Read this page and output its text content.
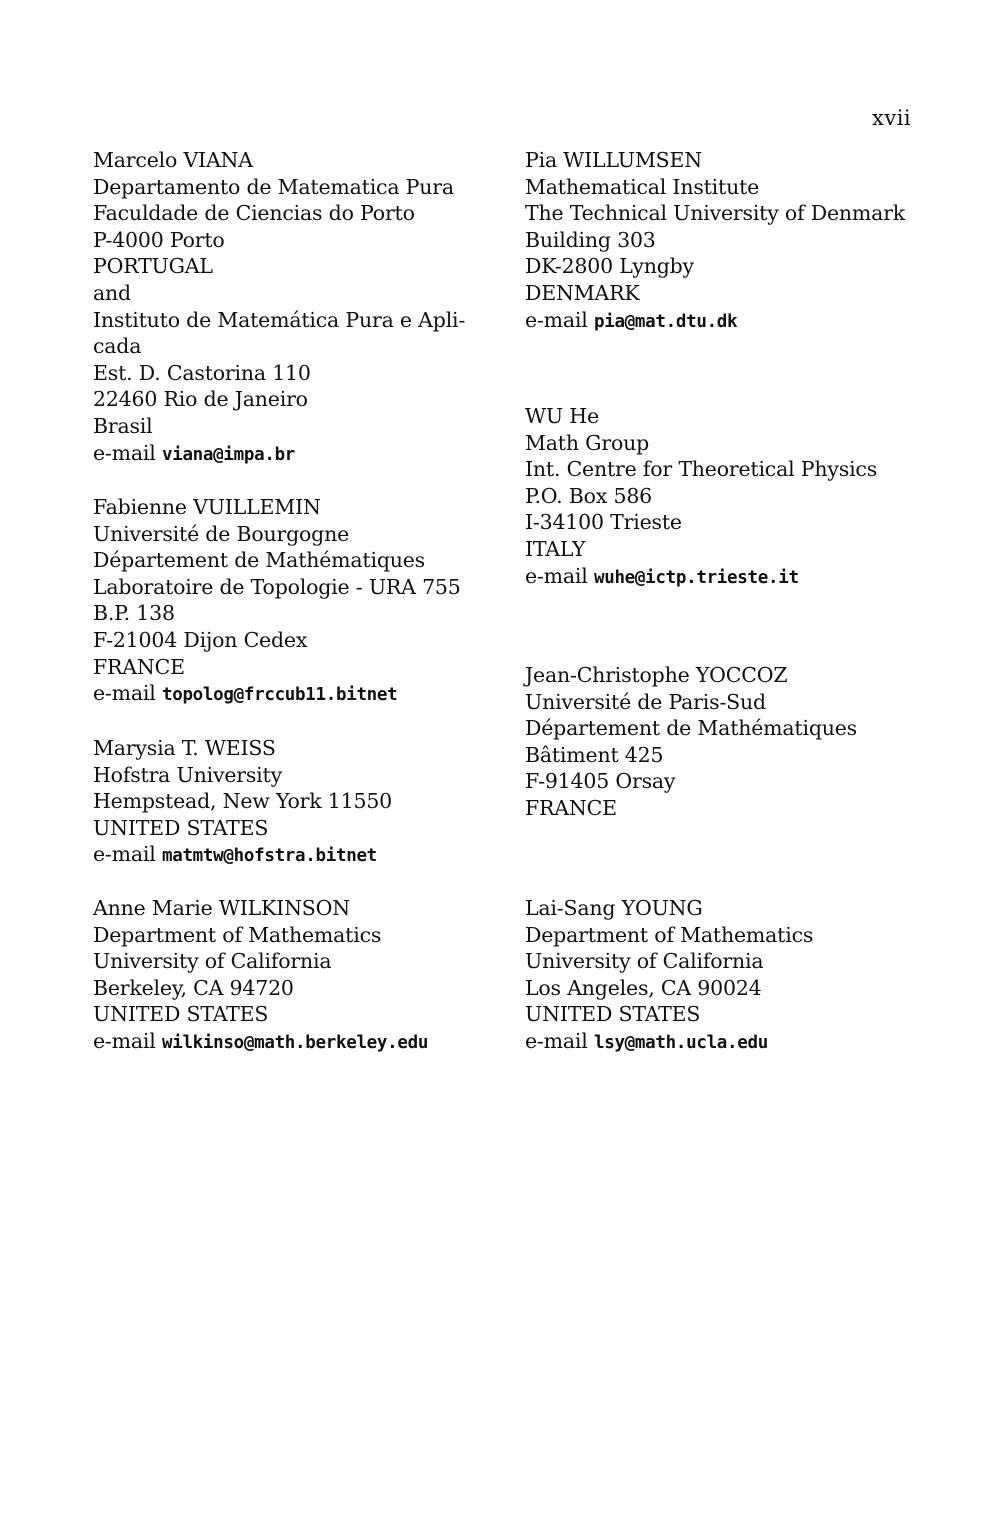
xvii
Marcelo VIANA
Departamento de Matematica Pura
Faculdade de Ciencias do Porto
P-4000 Porto
PORTUGAL
and
Instituto de Matemática Pura e Apli-
cada
Est. D. Castorina 110
22460 Rio de Janeiro
Brasil
e-mail viana@impa.br
Fabienne VUILLEMIN
Université de Bourgogne
Département de Mathématiques
Laboratoire de Topologie - URA 755
B.P. 138
F-21004 Dijon Cedex
FRANCE
e-mail topolog@frccub11.bitnet
Marysia T. WEISS
Hofstra University
Hempstead, New York 11550
UNITED STATES
e-mail matmtw@hofstra.bitnet
Anne Marie WILKINSON
Department of Mathematics
University of California
Berkeley, CA 94720
UNITED STATES
e-mail wilkinso@math.berkeley.edu
Pia WILLUMSEN
Mathematical Institute
The Technical University of Denmark
Building 303
DK-2800 Lyngby
DENMARK
e-mail pia@mat.dtu.dk
WU He
Math Group
Int. Centre for Theoretical Physics
P.O. Box 586
I-34100 Trieste
ITALY
e-mail wuhe@ictp.trieste.it
Jean-Christophe YOCCOZ
Université de Paris-Sud
Département de Mathématiques
Bâtiment 425
F-91405 Orsay
FRANCE
Lai-Sang YOUNG
Department of Mathematics
University of California
Los Angeles, CA 90024
UNITED STATES
e-mail lsy@math.ucla.edu
